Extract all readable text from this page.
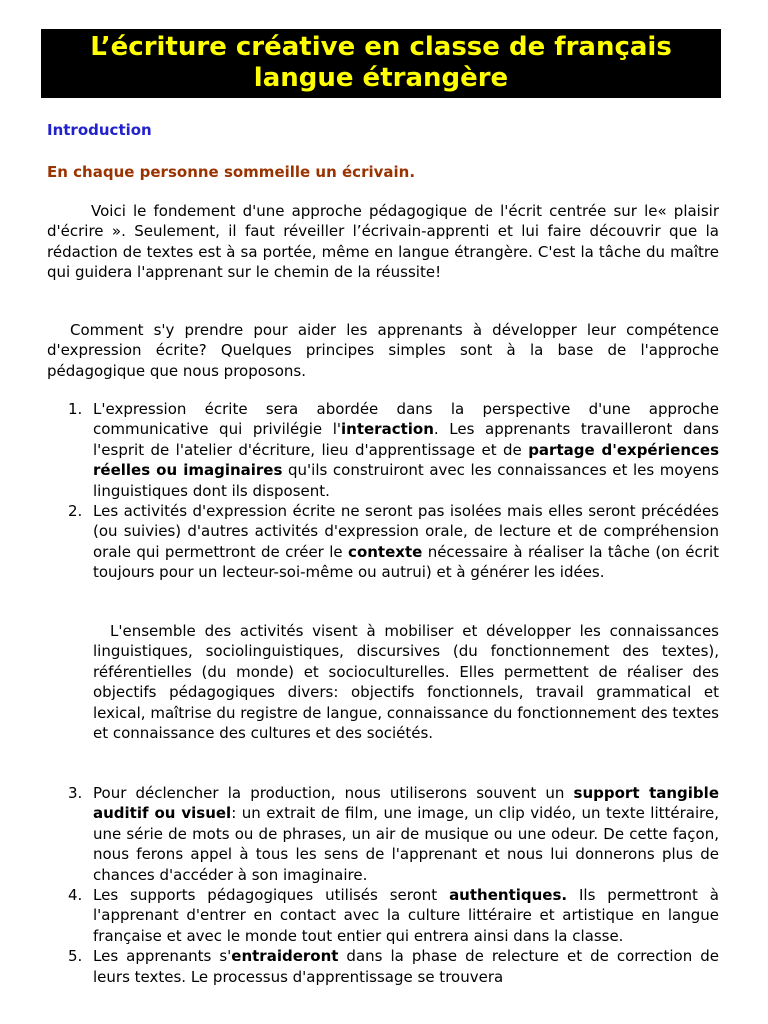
L’écriture créative en classe de français
langue étrangère
Introduction
En chaque personne sommeille un écrivain.

Voici le fondement d'une approche pédagogique de l'écrit centrée sur le« plaisir d'écrire ». Seulement, il faut réveiller l’écrivain-apprenti et lui faire découvrir que la rédaction de textes est à sa portée, même en langue étrangère. C'est la tâche du maître qui guidera l'apprenant sur le chemin de la réussite!

Comment s'y prendre pour aider les apprenants à développer leur compétence d'expression écrite? Quelques principes simples sont à la base de l'approche pédagogique que nous proposons.

1. L'expression écrite sera abordée dans la perspective d'une approche communicative qui privilégie l'interaction. Les apprenants travailleront dans l'esprit de l'atelier d'écriture, lieu d'apprentissage et de partage d'expériences réelles ou imaginaires qu'ils construiront avec les connaissances et les moyens linguistiques dont ils disposent.
2. Les activités d'expression écrite ne seront pas isolées mais elles seront précédées (ou suivies) d'autres activités d'expression orale, de lecture et de compréhension orale qui permettront de créer le contexte nécessaire à réaliser la tâche (on écrit toujours pour un lecteur-soi-même ou autrui) et à générer les idées.

L'ensemble des activités visent à mobiliser et développer les connaissances linguistiques, sociolinguistiques, discursives (du fonctionnement des textes), référentielles (du monde) et socioculturelles. Elles permettent de réaliser des objectifs pédagogiques divers: objectifs fonctionnels, travail grammatical et lexical, maîtrise du registre de langue, connaissance du fonctionnement des textes et connaissance des cultures et des sociétés.

3. Pour déclencher la production, nous utiliserons souvent un support tangible auditif ou visuel: un extrait de film, une image, un clip vidéo, un texte littéraire, une série de mots ou de phrases, un air de musique ou une odeur. De cette façon, nous ferons appel à tous les sens de l'apprenant et nous lui donnerons plus de chances d'accéder à son imaginaire.
4. Les supports pédagogiques utilisés seront authentiques. Ils permettront à l'apprenant d'entrer en contact avec la culture littéraire et artistique en langue française et avec le monde tout entier qui entrera ainsi dans la classe.
5. Les apprenants s'entraideront dans la phase de relecture et de correction de leurs textes. Le processus d'apprentissage se trouvera
